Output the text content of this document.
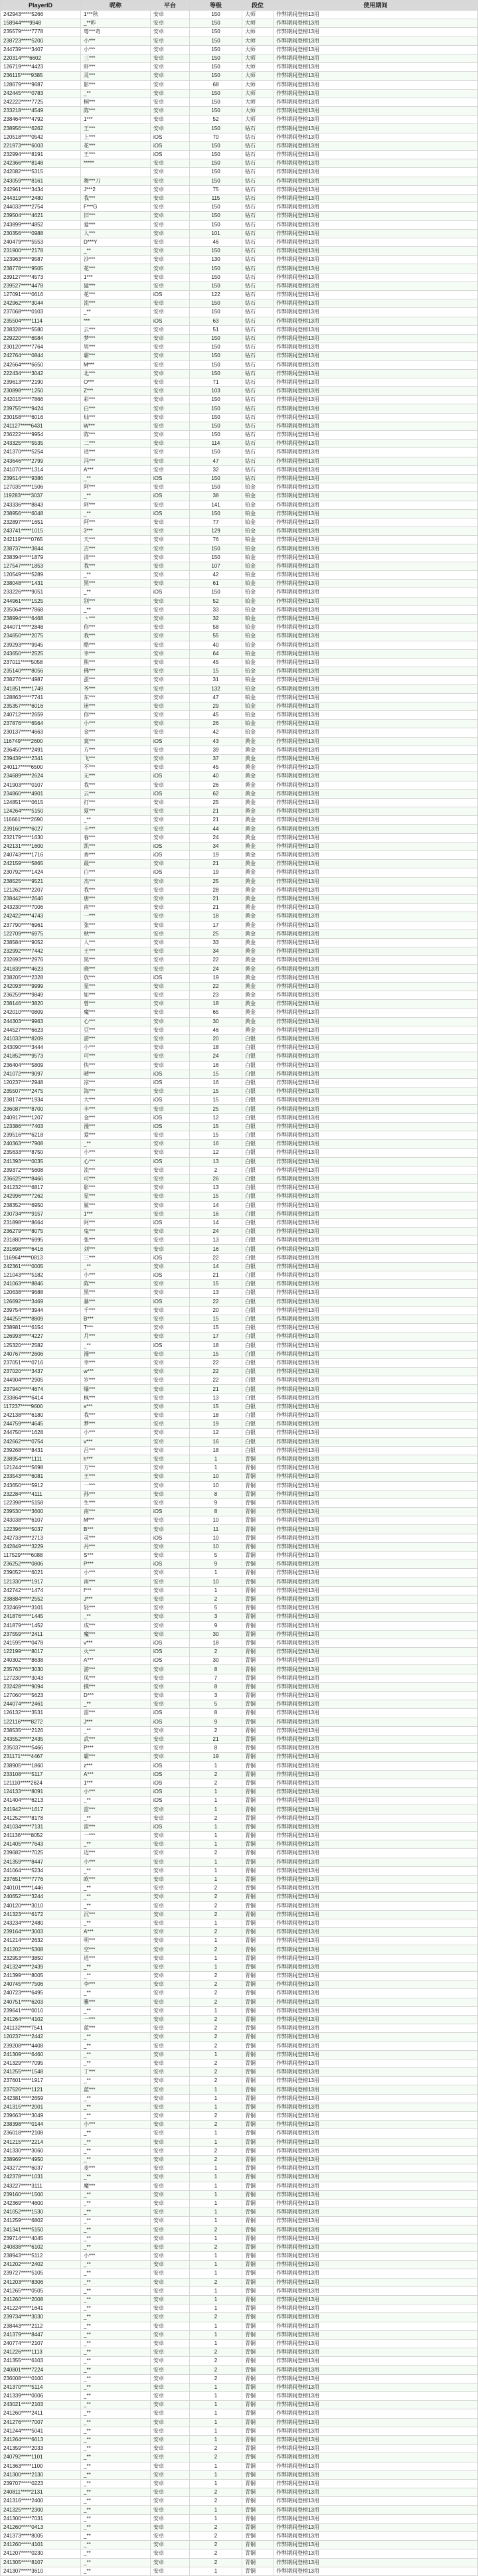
PlayerID	昵称	平台	等级	段位	使用期间
242943*****5266	1***秋	安卓	150	大师	作弊期间登榜13用
158944****9948	_**昨	安卓	150	大师	作弊期间登榜13用
235579*****7778	粤***奇	安卓	150	大师	作弊期间登榜13用
238723*****5200	小***	安卓	150	大师	作弊期间登榜13用
244739*****3407	小***	安卓	150	大师	作弊期间登榜13用
220314****6602	三***	安卓	150	大师	作弊期间登榜13用
126719*****4423	虾***	安卓	150	大师	作弊期间登榜13用
236115*****9385	灵***	安卓	150	大师	作弊期间登榜13用
128679*****9687	影***	安卓	68	大师	作弊期间登榜13用
242445*****0783	_**	安卓	150	大师	作弊期间登榜13用
242222*****7725	桐***	安卓	150	大师	作弊期间登榜13用
233218*****4549	陈***	安卓	150	大师	作弊期间登榜13用
238464*****4792	1***	安卓	52	大师	作弊期间登榜13用
238956*****6262	王***	安卓	150	钻石	作弊期间登榜13用
120518*****0542	上***	iOS	70	钻石	作弊期间登榜13用
221973*****6003	花***	iOS	150	钻石	作弊期间登榜13用
232994*****8191	王***	iOS	150	钻石	作弊期间登榜13用
242366*****8148	*****	安卓	150	钻石	作弊期间登榜13用
242082*****5315		安卓	150	钻石	作弊期间登榜13用
243059*****8161	舞***刀	安卓	150	钻石	作弊期间登榜13用
242961*****3434	J***2	安卓	75	钻石	作弊期间登榜13用
244319*****2480	我***	安卓	115	钻石	作弊期间登榜13用
244033*****2754	F***G	安卓	150	钻石	作弊期间登榜13用
239504*****4621	旧***	安卓	150	钻石	作弊期间登榜13用
243899*****4852	爱***	安卓	150	钻石	作弊期间登榜13用
230356*****0988	人***	安卓	101	钻石	作弊期间登榜13用
240479*****5553	D***Y	安卓	46	钻石	作弊期间登榜13用
231900*****2178	_**	安卓	150	钻石	作弊期间登榜13用
123963*****9587	沙***	安卓	130	钻石	作弊期间登榜13用
238778*****9505	花***	安卓	150	钻石	作弊期间登榜13用
239127*****4573	1***	安卓	150	钻石	作弊期间登榜13用
239527*****4478	猛***	安卓	150	钻石	作弊期间登榜13用
127091*****0616	花***	iOS	122	钻石	作弊期间登榜13用
242962*****3044	流***	安卓	150	钻石	作弊期间登榜13用
237068*****0103	_**	安卓	150	钻石	作弊期间登榜13用
235504*****1114	***	iOS	63	钻石	作弊期间登榜13用
238328*****5580	云***	安卓	51	钻石	作弊期间登榜13用
229220*****6584	梦***	安卓	150	钻石	作弊期间登榜13用
230120*****7764	男***	安卓	150	钻石	作弊期间登榜13用
242764*****0844	霸***	安卓	150	钻石	作弊期间登榜13用
242664*****6650	M***	安卓	150	钻石	作弊期间登榜13用
222434*****3042	北***	安卓	150	钻石	作弊期间登榜13用
239613*****2190	O***	安卓	71	钻石	作弊期间登榜13用
230898*****1250	Z***	安卓	103	钻石	作弊期间登榜13用
242015*****7866	彩***	安卓	150	钻石	作弊期间登榜13用
239755*****9424	白***	安卓	150	钻石	作弊期间登榜13用
230158*****6016	灿***	安卓	150	钻石	作弊期间登榜13用
241127*****6431	W***	安卓	150	钻石	作弊期间登榜13用
236222*****9954	陈***	安卓	150	钻石	作弊期间登榜13用
243325*****5535	二***	安卓	114	钻石	作弊期间登榜13用
241370*****5254	逍***	安卓	150	钻石	作弊期间登榜13用
243646*****2799	冯***	安卓	47	钻石	作弊期间登榜13用
241070*****1314	A***	安卓	32	钻石	作弊期间登榜13用
239514*****9386	_**	iOS	150	钻石	作弊期间登榜13用
127035*****1506	阿***	安卓	150	铂金	作弊期间登榜13用
119283*****3037	_**	iOS	38	铂金	作弊期间登榜13用
243336*****8843	阿***	安卓	141	铂金	作弊期间登榜13用
238956*****6048	_**	iOS	150	铂金	作弊期间登榜13用
232897*****1651	阿***	安卓	77	铂金	作弊期间登榜13用
243741*****1015	3***	安卓	129	铂金	作弊期间登榜13用
242119*****0765	天***	安卓	76	铂金	作弊期间登榜13用
238737*****3844	吉***	安卓	150	铂金	作弊期间登榜13用
238394*****1879	清***	安卓	150	铂金	作弊期间登榜13用
127547*****1853	我***	安卓	107	铂金	作弊期间登榜13用
120549*****5289	_**	安卓	42	铂金	作弊期间登榜13用
238048*****1431	黑***	安卓	61	铂金	作弊期间登榜13用
233226*****9051	_**	iOS	150	铂金	作弊期间登榜13用
244961*****1525	别***	安卓	52	铂金	作弊期间登榜13用
235064*****7868	_**	安卓	33	铂金	作弊期间登榜13用
238994*****6468	丶***	安卓	32	铂金	作弊期间登榜13用
244071*****2848	你***	安卓	58	铂金	作弊期间登榜13用
234650*****2075	我***	安卓	55	铂金	作弊期间登榜13用
239293*****9945	酷***	安卓	40	铂金	作弊期间登榜13用
243650*****2525	幸***	安卓	64	铂金	作弊期间登榜13用
237011*****5058	熊***	安卓	45	铂金	作弊期间登榜13用
235140*****8056	佛***	安卓	15	铂金	作弊期间登榜13用
238276*****4987	蛋***	安卓	31	铂金	作弊期间登榜13用
241851*****1749	爷***	安卓	132	铂金	作弊期间登榜13用
128863*****7741	东***	安卓	47	铂金	作弊期间登榜13用
235357*****6016	迷***	安卓	29	铂金	作弊期间登榜13用
240712*****2659	你***	安卓	45	铂金	作弊期间登榜13用
237876*****6564	小***	安卓	26	铂金	作弊期间登榜13用
230137*****4663	金***	安卓	42	铂金	作弊期间登榜13用
116749*****2600	寞***	iOS	43	黄金	作弊期间登榜13用
236450*****2491	方***	安卓	39	黄金	作弊期间登榜13用
239439*****2341	飞***	安卓	37	黄金	作弊期间登榜13用
240117*****6500	不***	安卓	45	黄金	作弊期间登榜13用
234689*****2624	无***	iOS	40	黄金	作弊期间登榜13用
241903*****0107	我***	安卓	26	黄金	作弊期间登榜13用
234860*****4901	云***	iOS	62	黄金	作弊期间登榜13用
124851*****0615	打***	安卓	25	黄金	作弊期间登榜13用
124264*****5150	夏***	安卓	21	黄金	作弊期间登榜13用
116661*****2690	_**	安卓	21	黄金	作弊期间登榜13用
239160*****6027	卡***	安卓	44	黄金	作弊期间登榜13用
232179*****1630	春***	安卓	24	黄金	作弊期间登榜13用
242131*****1600	凯***	iOS	34	黄金	作弊期间登榜13用
240743*****1716	香***	iOS	19	黄金	作弊期间登榜13用
242159*****5865	最***	安卓	21	黄金	作弊期间登榜13用
230792*****1424	白***	iOS	19	黄金	作弊期间登榜13用
238525*****9521	杰***	安卓	25	黄金	作弊期间登榜13用
121262*****2207	我***	安卓	28	黄金	作弊期间登榜13用
238442*****2646	唐***	安卓	21	黄金	作弊期间登榜13用
243230*****7006	南***	安卓	21	黄金	作弊期间登榜13用
242422*****4743	一***	安卓	18	黄金	作弊期间登榜13用
237790*****6961	张***	安卓	17	黄金	作弊期间登榜13用
122709*****6975	秋***	安卓	25	黄金	作弊期间登榜13用
238584*****9052	人***	安卓	33	黄金	作弊期间登榜13用
232992*****7442	王***	安卓	34	黄金	作弊期间登榜13用
232693*****2976	黑***	安卓	22	黄金	作弊期间登榜13用
241839*****4623	晓***	安卓	24	黄金	作弊期间登榜13用
238205*****2328	放***	iOS	19	黄金	作弊期间登榜13用
242093*****9999	星***	安卓	22	黄金	作弊期间登榜13用
236259*****9849	如***	安卓	23	黄金	作弊期间登榜13用
238146*****3820	曾***	安卓	18	黄金	作弊期间登榜13用
242010*****0809	魔***	安卓	65	黄金	作弊期间登榜13用
244303*****9963	心***	安卓	30	黄金	作弊期间登榜13用
244527*****6623	豆***	安卓	46	黄金	作弊期间登榜13用
241033*****8209	游***	安卓	20	白银	作弊期间登榜13用
243090*****3444	小***	安卓	18	白银	作弊期间登榜13用
241852*****9573	可***	安卓	24	白银	作弊期间登榜13用
236404*****5809	快***	安卓	16	白银	作弊期间登榜13用
241072*****9097	晴***	iOS	15	白银	作弊期间登榜13用
120237*****2948	凉***	iOS	16	白银	作弊期间登榜13用
235507*****2475	海***	安卓	15	白银	作弊期间登榜13用
238174*****1934	大***	iOS	15	白银	作弊期间登榜13用
236087*****8700	丰***	安卓	25	白银	作弊期间登榜13用
240917*****1207	金***	iOS	12	白银	作弊期间登榜13用
123386*****7403	漫***	iOS	15	白银	作弊期间登榜13用
239516*****6218	爱***	安卓	15	白银	作弊期间登榜13用
240363*****7908	_**	安卓	16	白银	作弊期间登榜13用
235633*****8750	小***	安卓	12	白银	作弊期间登榜13用
241393*****0035	心***	iOS	13	白银	作弊期间登榜13用
239372*****5608	流***	安卓	2	白银	作弊期间登榜13用
236625*****8466	可***	安卓	26	白银	作弊期间登榜13用
241232*****6817	影***	安卓	13	白银	作弊期间登榜13用
242996*****7262	星***	安卓	15	白银	作弊期间登榜13用
238352*****6950	鲨***	安卓	14	白银	作弊期间登榜13用
230734*****9157	1***	安卓	16	白银	作弊期间登榜13用
231898*****8664	阿***	iOS	14	白银	作弊期间登榜13用
236279*****8075	鬼***	安卓	24	白银	作弊期间登榜13用
231880*****6995	张***	安卓	13	白银	作弊期间登榜13用
231698*****6416	刘***	安卓	16	白银	作弊期间登榜13用
116964*****0813	三***	iOS	22	白银	作弊期间登榜13用
242361*****0005	_**	安卓	14	白银	作弊期间登榜13用
121043*****5182	小***	iOS	21	白银	作弊期间登榜13用
241063*****8846	陈***	安卓	15	白银	作弊期间登榜13用
120638*****9688	黑***	安卓	13	白银	作弊期间登榜13用
126692*****3469	暴***	iOS	22	白银	作弊期间登榜13用
239754*****3944	千***	安卓	20	白银	作弊期间登榜13用
244255*****8809	B***	安卓	15	白银	作弊期间登榜13用
238981*****6154	T***	安卓	15	白银	作弊期间登榜13用
126993*****4227	月***	安卓	17	白银	作弊期间登榜13用
125320*****2582	_**	iOS	18	白银	作弊期间登榜13用
240767*****2606	漫***	安卓	15	白银	作弊期间登榜13用
237051*****0716	幸***	安卓	22	白银	作弊期间登榜13用
237020*****3437	w***	安卓	22	白银	作弊期间登榜13用
244904*****2905	岁***	安卓	22	白银	作弊期间登榜13用
237940*****4674	爆***	安卓	21	白银	作弊期间登榜13用
233864*****6414	枫***	安卓	13	白银	作弊期间登榜13用
117237*****9600	s***	安卓	15	白银	作弊期间登榜13用
242138*****6180	我***	安卓	18	白银	作弊期间登榜13用
244759*****4645	梦***	安卓	19	白银	作弊期间登榜13用
244750*****1628	小***	安卓	12	白银	作弊期间登榜13用
242662*****0754	v***	安卓	16	白银	作弊期间登榜13用
239268*****8431	吕***	安卓	18	白银	作弊期间登榜13用
238954*****1111	h***	安卓	1	青铜	作弊期间登榜13用
121244*****5698	万***	安卓	1	青铜	作弊期间登榜13用
233543*****6081	王***	安卓	10	青铜	作弊期间登榜13用
243650*****5912	一***	安卓	10	青铜	作弊期间登榜13用
232284*****4111	孙***	安卓	8	青铜	作弊期间登榜13用
122398*****5158	生***	安卓	9	青铜	作弊期间登榜13用
239530*****3600	南***	iOS	8	青铜	作弊期间登榜13用
243038*****6107	M***	安卓	10	青铜	作弊期间登榜13用
122396*****5037	B***	安卓	11	青铜	作弊期间登榜13用
242733*****2713	灵***	iOS	10	青铜	作弊期间登榜13用
242849*****3229	丹***	安卓	10	青铜	作弊期间登榜13用
117529*****6088	S***	安卓	5	青铜	作弊期间登榜13用
236252*****0806	P***	iOS	9	青铜	作弊期间登榜13用
239052*****6021	小***	安卓	1	青铜	作弊期间登榜13用
121330*****1917	南***	安卓	10	青铜	作弊期间登榜13用
242742*****1474	f***	安卓	1	青铜	作弊期间登榜13用
238884*****2552	J***	安卓	2	青铜	作弊期间登榜13用
232469*****3101	轻***	安卓	5	青铜	作弊期间登榜13用
241876*****1445	_**	安卓	3	青铜	作弊期间登榜13用
241879*****1452	成***	安卓	9	青铜	作弊期间登榜13用
237559*****2411	魔***	安卓	30	青铜	作弊期间登榜13用
241595*****0478	v***	iOS	18	青铜	作弊期间登榜13用
122199*****8017	火***	iOS	2	青铜	作弊期间登榜13用
240302*****8638	A***	iOS	30	青铜	作弊期间登榜13用
235763*****3030	游***	安卓	8	青铜	作弊期间登榜13用
127230*****3043	凤***	安卓	7	青铜	作弊期间登榜13用
232428*****9094	摸***	安卓	8	青铜	作弊期间登榜13用
127060*****5623	D***	安卓	3	青铜	作弊期间登榜13用
244074*****2461	_**	安卓	5	青铜	作弊期间登榜13用
126132*****3531	雷***	iOS	8	青铜	作弊期间登榜13用
122116*****8272	J***	iOS	9	青铜	作弊期间登榜13用
238535*****2126	_**	安卓	2	青铜	作弊期间登榜13用
243552*****2435	武***	安卓	21	青铜	作弊期间登榜13用
235037*****5466	P***	安卓	8	青铜	作弊期间登榜13用
231171*****4467	霸***	安卓	19	青铜	作弊期间登榜13用
238905*****1860	z***	iOS	1	青铜	作弊期间登榜13用
233108*****5117	A***	iOS	2	青铜	作弊期间登榜13用
121110*****2624	1***	iOS	2	青铜	作弊期间登榜13用
124133*****8091	小***	iOS	1	青铜	作弊期间登榜13用
241404*****6213	_**	iOS	1	青铜	作弊期间登榜13用
241942*****1617	雷***	安卓	1	青铜	作弊期间登榜13用
241252*****8178	_**	安卓	2	青铜	作弊期间登榜13用
241034*****7131	雷***	iOS	1	青铜	作弊期间登榜13用
241136*****8052	一***	安卓	1	青铜	作弊期间登榜13用
241405*****7643	_**	安卓	1	青铜	作弊期间登榜13用
239682*****7025	迈***	安卓	2	青铜	作弊期间登榜13用
241359*****8447	小***	安卓	1	青铜	作弊期间登榜13用
241064*****5234	_**	安卓	1	青铜	作弊期间登榜13用
237651*****7776	欧***	安卓	1	青铜	作弊期间登榜13用
240101*****1446	_**	安卓	2	青铜	作弊期间登榜13用
240652*****3244	_**	安卓	2	青铜	作弊期间登榜13用
240120*****3010	_**	安卓	2	青铜	作弊期间登榜13用
241323*****6172	沉***	安卓	2	青铜	作弊期间登榜13用
243234*****2480	_**	安卓	1	青铜	作弊期间登榜13用
239164*****3003	A***	安卓	2	青铜	作弊期间登榜13用
241214*****2632	明***	安卓	1	青铜	作弊期间登榜13用
241202*****5308	空***	安卓	2	青铜	作弊期间登榜13用
232953*****3850	逍***	安卓	1	青铜	作弊期间登榜13用
241324*****2439	_**	安卓	1	青铜	作弊期间登榜13用
241399*****8005	_**	安卓	2	青铜	作弊期间登榜13用
240745*****7506	李***	安卓	2	青铜	作弊期间登榜13用
240723*****6495	_**	安卓	2	青铜	作弊期间登榜13用
240751*****6203	雅***	安卓	2	青铜	作弊期间登榜13用
239641*****0010	_**	安卓	1	青铜	作弊期间登榜13用
241264*****4102	一***	安卓	2	青铜	作弊期间登榜13用
241132*****7541	蓝***	安卓	2	青铜	作弊期间登榜13用
120237*****2442	_**	安卓	2	青铜	作弊期间登榜13用
239208*****4408	_**	安卓	2	青铜	作弊期间登榜13用
241309*****6460	_**	安卓	1	青铜	作弊期间登榜13用
241329*****7095	_**	安卓	2	青铜	作弊期间登榜13用
241255*****1548	丁***	安卓	2	青铜	作弊期间登榜13用
237601*****1917	_**	安卓	2	青铜	作弊期间登榜13用
237526*****1121	蓝***	安卓	1	青铜	作弊期间登榜13用
242381*****2659	_**	安卓	1	青铜	作弊期间登榜13用
241315*****2001	_**	安卓	1	青铜	作弊期间登榜13用
239663*****3049	_**	安卓	2	青铜	作弊期间登榜13用
238398*****0144	小***	安卓	2	青铜	作弊期间登榜13用
236018*****2108	_**	安卓	1	青铜	作弊期间登榜13用
241215*****2214	_**	安卓	1	青铜	作弊期间登榜13用
241330*****3060	_**	安卓	2	青铜	作弊期间登榜13用
238969*****4950	_**	安卓	2	青铜	作弊期间登榜13用
243272*****6037	麦***	安卓	1	青铜	作弊期间登榜13用
242378*****1031	_**	安卓	1	青铜	作弊期间登榜13用
243227*****3111	魔***	安卓	1	青铜	作弊期间登榜13用
239160*****1500	_**	安卓	1	青铜	作弊期间登榜13用
242369*****4600	_**	安卓	1	青铜	作弊期间登榜13用
241052*****1530	_**	安卓	1	青铜	作弊期间登榜13用
241259*****6802	_**	安卓	1	青铜	作弊期间登榜13用
241341*****5150	_**	安卓	2	青铜	作弊期间登榜13用
239714*****4045	_**	安卓	1	青铜	作弊期间登榜13用
240838*****6102	_**	安卓	2	青铜	作弊期间登榜13用
238943*****5112	小***	安卓	1	青铜	作弊期间登榜13用
241202*****2402	_**	安卓	1	青铜	作弊期间登榜13用
239727*****5105	_**	安卓	1	青铜	作弊期间登榜13用
241203*****8306	_**	安卓	2	青铜	作弊期间登榜13用
241265*****0505	_**	安卓	1	青铜	作弊期间登榜13用
241260*****2008	_**	安卓	1	青铜	作弊期间登榜13用
241224*****1641	_**	安卓	1	青铜	作弊期间登榜13用
239734*****3030	_**	安卓	2	青铜	作弊期间登榜13用
238443*****2112	_**	安卓	1	青铜	作弊期间登榜13用
241379*****8447	_**	安卓	1	青铜	作弊期间登榜13用
240774*****2107	_**	安卓	1	青铜	作弊期间登榜13用
241226*****1113	_**	安卓	2	青铜	作弊期间登榜13用
241355*****6103	_**	安卓	2	青铜	作弊期间登榜13用
240801*****7224	_**	安卓	2	青铜	作弊期间登榜13用
236008*****0100	_**	安卓	2	青铜	作弊期间登榜13用
241370*****5114	_**	安卓	1	青铜	作弊期间登榜13用
241339*****0006	_**	安卓	1	青铜	作弊期间登榜13用
243021*****2103	_**	安卓	1	青铜	作弊期间登榜13用
241260*****2411	_**	安卓	1	青铜	作弊期间登榜13用
241276*****7007	_**	安卓	1	青铜	作弊期间登榜13用
241244*****5041	_**	安卓	1	青铜	作弊期间登榜13用
241264*****6613	_**	安卓	1	青铜	作弊期间登榜13用
241359*****2033	_**	安卓	2	青铜	作弊期间登榜13用
240792*****1101	_**	安卓	2	青铜	作弊期间登榜13用
241363*****1100	_**	安卓	1	青铜	作弊期间登榜13用
241300*****2130	_**	安卓	1	青铜	作弊期间登榜13用
239707*****0223	_**	安卓	1	青铜	作弊期间登榜13用
240811*****2131	_**	安卓	2	青铜	作弊期间登榜13用
241316*****2400	_**	安卓	2	青铜	作弊期间登榜13用
241325*****2300	_**	安卓	1	青铜	作弊期间登榜13用
241300*****7031	_**	安卓	1	青铜	作弊期间登榜13用
241260*****0413	_**	安卓	2	青铜	作弊期间登榜13用
241373*****8005	_**	安卓	2	青铜	作弊期间登榜13用
241260*****4101	_**	安卓	2	青铜	作弊期间登榜13用
241207*****0230	_**	安卓	2	青铜	作弊期间登榜13用
241305*****8107	_**	安卓	2	青铜	作弊期间登榜13用
241307*****3610	_**	安卓	1	青铜	作弊期间登榜13用
